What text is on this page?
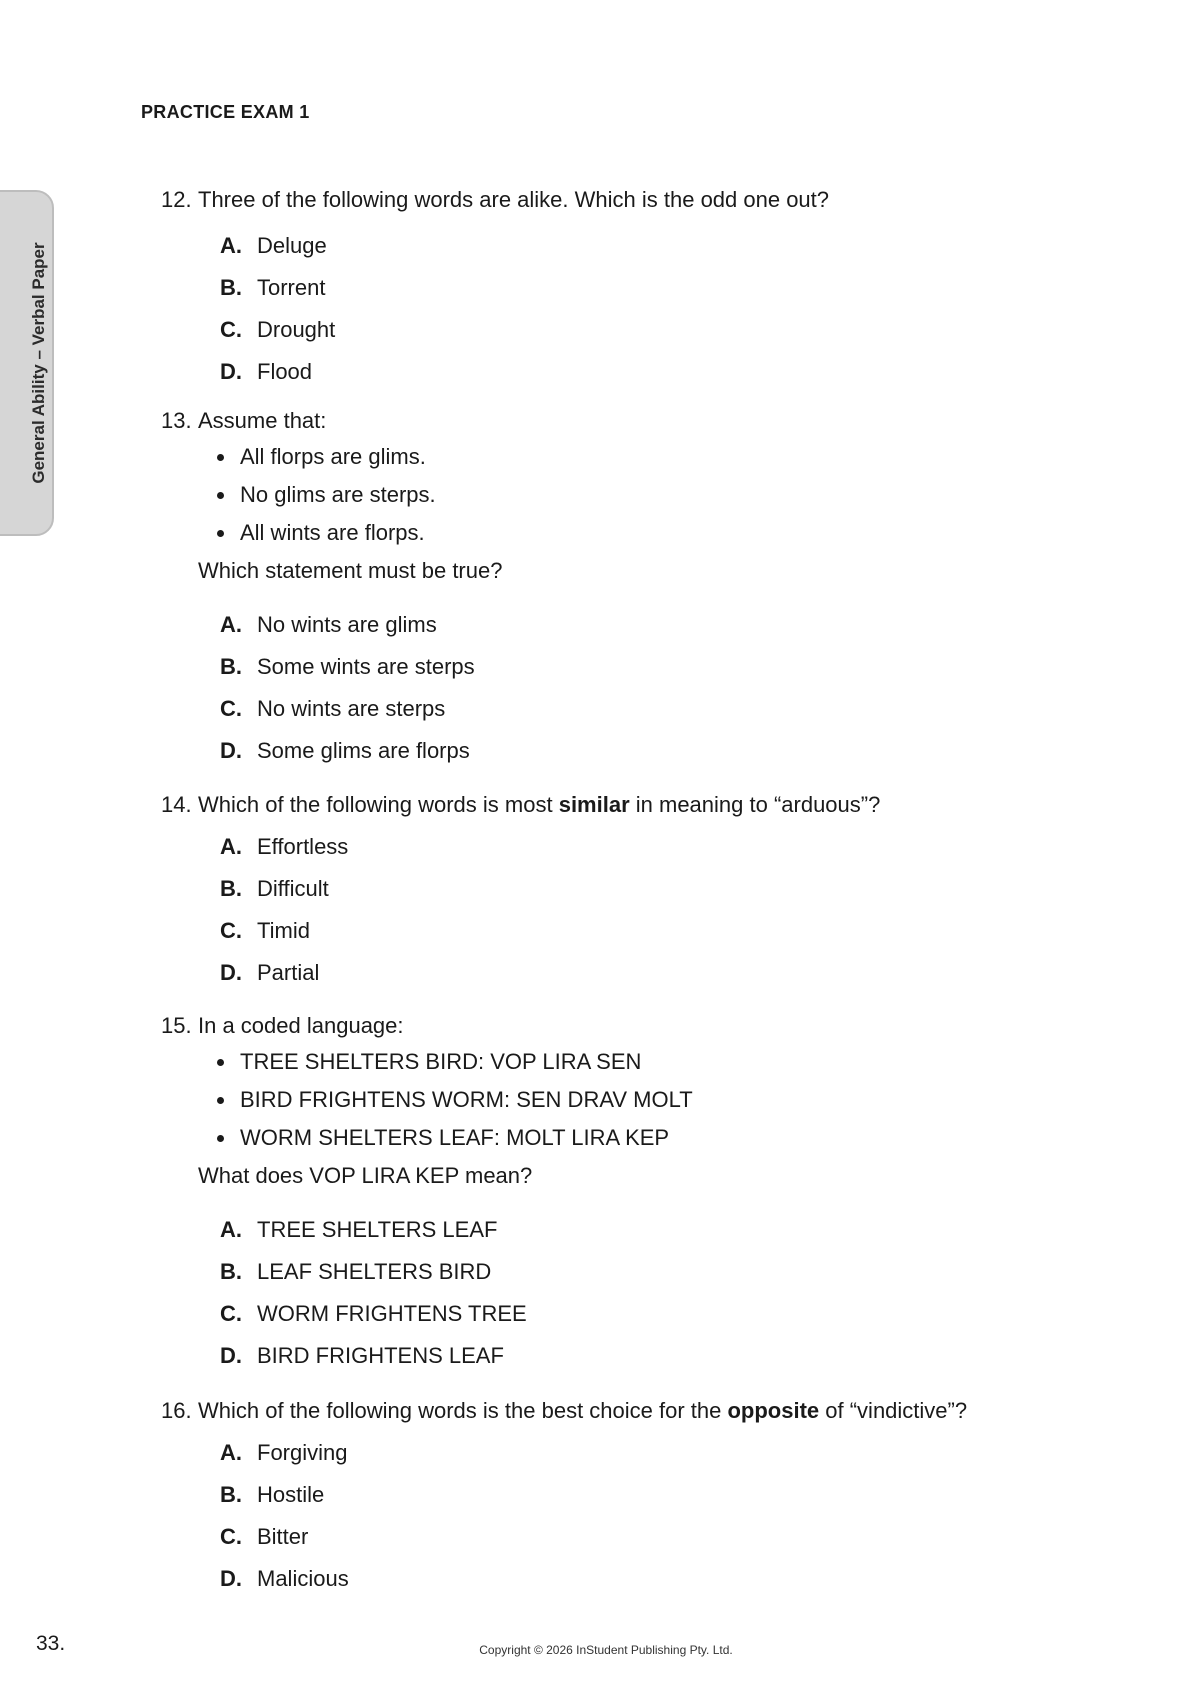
PRACTICE EXAM 1
General Ability – Verbal Paper
12. Three of the following words are alike. Which is the odd one out?
A. Deluge
B. Torrent
C. Drought
D. Flood
13. Assume that:
All florps are glims.
No glims are sterps.
All wints are florps.
Which statement must be true?
A. No wints are glims
B. Some wints are sterps
C. No wints are sterps
D. Some glims are florps
14. Which of the following words is most similar in meaning to “arduous”?
A. Effortless
B. Difficult
C. Timid
D. Partial
15. In a coded language:
TREE SHELTERS BIRD: VOP LIRA SEN
BIRD FRIGHTENS WORM: SEN DRAV MOLT
WORM SHELTERS LEAF: MOLT LIRA KEP
What does VOP LIRA KEP mean?
A. TREE SHELTERS LEAF
B. LEAF SHELTERS BIRD
C. WORM FRIGHTENS TREE
D. BIRD FRIGHTENS LEAF
16. Which of the following words is the best choice for the opposite of “vindictive”?
A. Forgiving
B. Hostile
C. Bitter
D. Malicious
33.	Copyright © 2026 InStudent Publishing Pty. Ltd.
